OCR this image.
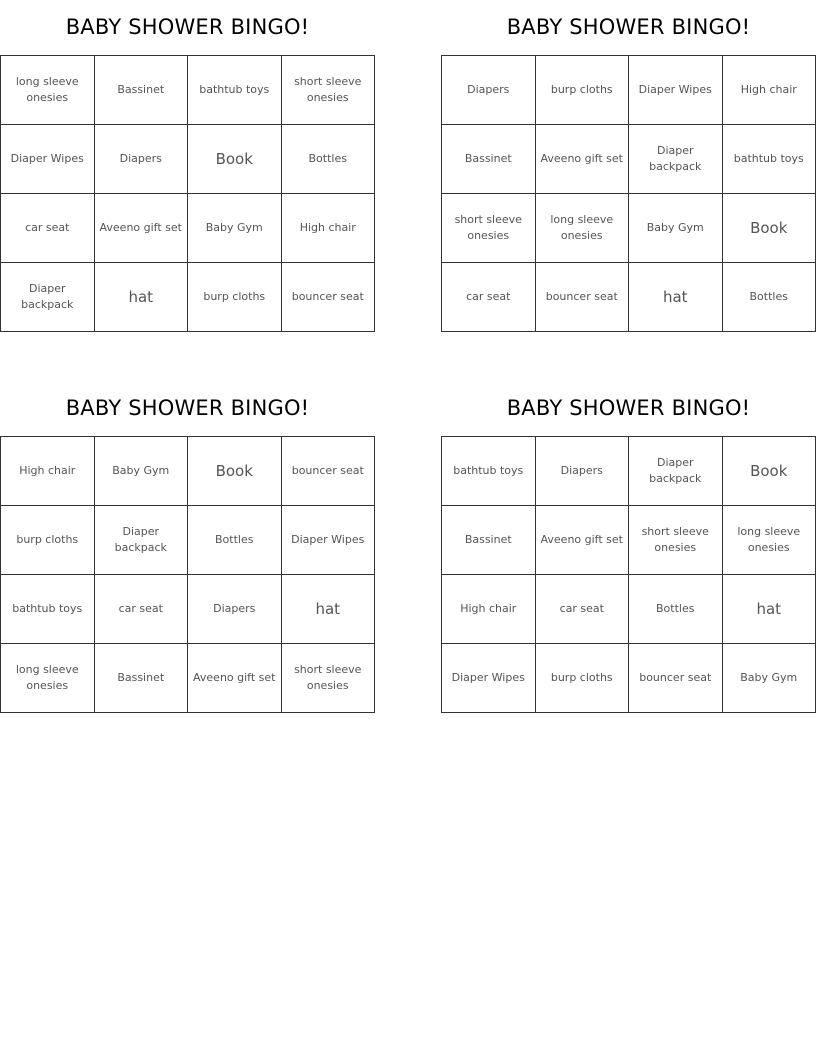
BABY SHOWER BINGO!
long sleeve onesies	Bassinet	bathtub toys	short sleeve onesies
Diaper Wipes	Diapers	Book	Bottles
car seat	Aveeno gift set	Baby Gym	High chair
Diaper backpack	hat	burp cloths	bouncer seat
BABY SHOWER BINGO!
Diapers	burp cloths	Diaper Wipes	High chair
Bassinet	Aveeno gift set	Diaper backpack	bathtub toys
short sleeve onesies	long sleeve onesies	Baby Gym	Book
car seat	bouncer seat	hat	Bottles
BABY SHOWER BINGO!
High chair	Baby Gym	Book	bouncer seat
burp cloths	Diaper backpack	Bottles	Diaper Wipes
bathtub toys	car seat	Diapers	hat
long sleeve onesies	Bassinet	Aveeno gift set	short sleeve onesies
BABY SHOWER BINGO!
bathtub toys	Diapers	Diaper backpack	Book
Bassinet	Aveeno gift set	short sleeve onesies	long sleeve onesies
High chair	car seat	Bottles	hat
Diaper Wipes	burp cloths	bouncer seat	Baby Gym
